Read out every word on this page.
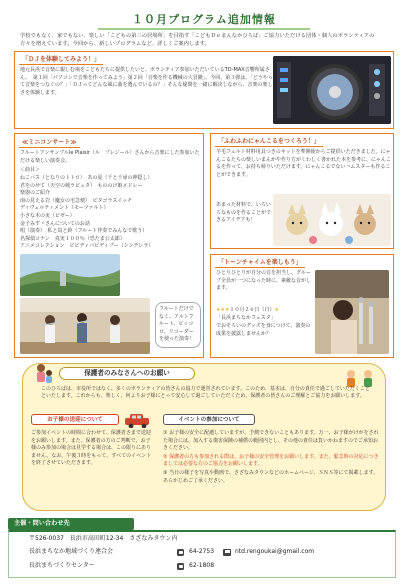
１０月プログラム追加情報
学校でもなく、家でもない、楽しい「こどもの第三の居場所」を目指す「こどもＤｅまんなかひろば」ご協力いただける団体・個人のボランティアの方々を増えています。今回から、新しいプログラムなど、詳しくご案内します。
「ＤＪを体験してみよう！」
地元長浜で音楽に親しむ場をこどもたちに提供したいと、ボランティア参加いただいているTO-MAX音響所属さん。　第１回「パソコンで音楽を作ってみよう」第２回「音楽を作る機械の大冒険」、今回、第３弾は、「どうやって音楽をつなぐの？」「ＤＪってどんな風に曲を選んでいるの？」そんな疑問を一緒に解決しながら、音楽の楽しさを体験します。
≪ミニコンサート≫
フルートアンサンブルle Plaisir（ル　プレジール）さんから音楽にした参加いただける楽しい演奏会。
＜曲目＞
ねこバス（となりのトトロ）　あの夏（千と千尋の神隠し）
君をのせて（天空の城ラピュタ）　もののけ姫メドレー
楽器のご紹介
南の見える岩（魔女の宅急便）　ピタゴラスイッチ
ディヴェルティメント（モーツァルト）
小さな木の実（ビゼー）
金子みすゞさんについてのお話
唱（演奏）　私と鳥と鈴（フルート伴奏でみんなで歌う）
名探偵コナン　真実１００％（恐たま公太郎）
アニメコレクション　ビビディバビディブー（シンデレラ）
フルートだけでなく、アルトフルート、ピッコロ、リコーダーを使った演奏！
「ふわふわにゃんこるをつくろう！」
羊毛フェルト材料用具つきのキットを準開使からご提供いただきました。にゃんこるたちの楽しいまんがや作り方がくわしく書かれた本を参考に、にゃんこるを作って、お持ち帰りいただけます。にゃんこるでないハムスターも作ることができます。
あまった材料で、いろいろなものを作ることができるアイデアも！
「トーンチャイムを楽しもう」
ひとりひとりが自分の音を担当し、グループ全員が一つになった時に、素敵な音がします。
★★★１０月２６日（日）★
「長浜まちなかフェスタ」
でおそろいのグッズを身につけて、演奏の成果を披露しませんか？
保護者のみなさんへのお願い
このひろばは、市役所ではなく、多くのボランティアの皆さんの協力で運営されています。このため、基本は、自分の責任で過ごしていただくことといたします。これからも、楽しく、何よりお子様にとって安心して過ごしていただくため、保護者の皆さんのご理解とご協力をお願いします。
お子様の送迎について
ご参加イベントの時間に合わせて、保護者さまで送迎をお願いします。また、保護者の方のご判断で、お子様のみ参加の場合は見学する場合は、この限りにありません。なお、午後３時をもって、すべてのイベントを終了させていただきます。
イベントの参加について
① お子様の安全に配慮していますが、予測できないこともあります。万一、お子様がけがをされた場合には、加入する傷害保険の補償の範囲内とし、その他の責任は負いかねますのでご承知おきください。
② 保護者の方も参加される際は、お子様の安全管理をお願いします。また、緊急時の対応につきましては必要な方のご協力をお願いします。
③ 当日の様子を写真や動画で、さざなみタウンなどのホームページ、ＳＮＳ等にて掲載します。あらかじめご了承ください。
主催・問い合わせ先
〒526-0037　長浜市高田町12-34　さざなみタウン内
長浜まちなか地域づくり連合会	64-2753	ntd.rengoukai@gmail.com
長浜まちづくりセンター	62-1808
